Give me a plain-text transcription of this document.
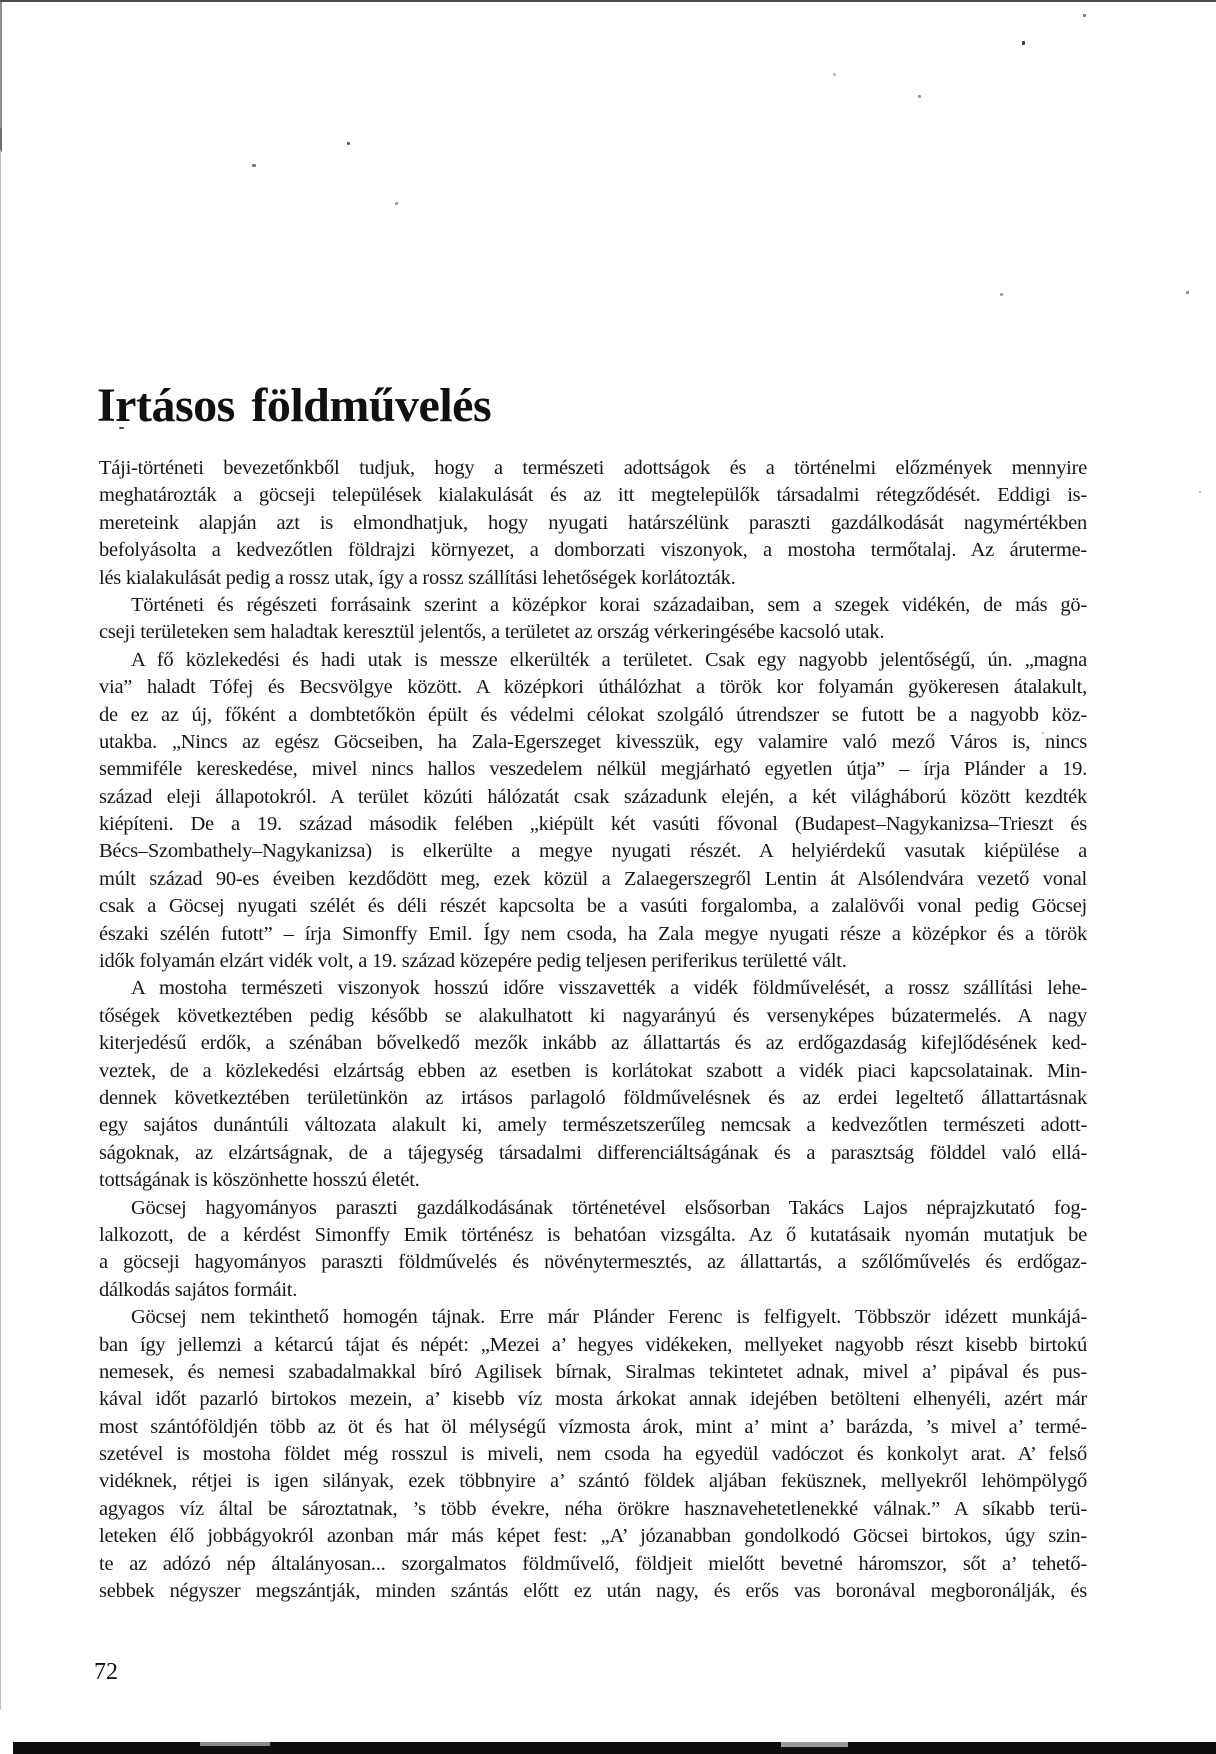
Irtásos földművelés
Táji-történeti bevezetőnkből tudjuk, hogy a természeti adottságok és a történelmi előzmények mennyire
meghatározták a göcseji települések kialakulását és az itt megtelepülők társadalmi rétegződését. Eddigi is-
mereteink alapján azt is elmondhatjuk, hogy nyugati határszélünk paraszti gazdálkodását nagymértékben
befolyásolta a kedvezőtlen földrajzi környezet, a domborzati viszonyok, a mostoha termőtalaj. Az áruterme-
lés kialakulását pedig a rossz utak, így a rossz szállítási lehetőségek korlátozták.
Történeti és régészeti forrásaink szerint a középkor korai századaiban, sem a szegek vidékén, de más gö-
cseji területeken sem haladtak keresztül jelentős, a területet az ország vérkeringésébe kacsoló utak.
A fő közlekedési és hadi utak is messze elkerülték a területet. Csak egy nagyobb jelentőségű, ún. „magna
via” haladt Tófej és Becsvölgye között. A középkori úthálózhat a török kor folyamán gyökeresen átalakult,
de ez az új, főként a dombtetőkön épült és védelmi célokat szolgáló útrendszer se futott be a nagyobb köz-
utakba. „Nincs az egész Göcseiben, ha Zala-Egerszeget kivesszük, egy valamire való mező Város is, nincs
semmiféle kereskedése, mivel nincs hallos veszedelem nélkül megjárható egyetlen útja” – írja Plánder a 19.
század eleji állapotokról. A terület közúti hálózatát csak századunk elején, a két világháború között kezdték
kiépíteni. De a 19. század második felében „kiépült két vasúti fővonal (Budapest–Nagykanizsa–Trieszt és
Bécs–Szombathely–Nagykanizsa) is elkerülte a megye nyugati részét. A helyiérdekű vasutak kiépülése a
múlt század 90-es éveiben kezdődött meg, ezek közül a Zalaegerszegről Lentin át Alsólendvára vezető vonal
csak a Göcsej nyugati szélét és déli részét kapcsolta be a vasúti forgalomba, a zalalövői vonal pedig Göcsej
északi szélén futott” – írja Simonffy Emil. Így nem csoda, ha Zala megye nyugati része a középkor és a török
idők folyamán elzárt vidék volt, a 19. század közepére pedig teljesen periferikus területté vált.
A mostoha természeti viszonyok hosszú időre visszavették a vidék földművelését, a rossz szállítási lehe-
tőségek következtében pedig később se alakulhatott ki nagyarányú és versenyképes búzatermelés. A nagy
kiterjedésű erdők, a szénában bővelkedő mezők inkább az állattartás és az erdőgazdaság kifejlődésének ked-
veztek, de a közlekedési elzártság ebben az esetben is korlátokat szabott a vidék piaci kapcsolatainak. Min-
dennek következtében területünkön az irtásos parlagoló földművelésnek és az erdei legeltető állattartásnak
egy sajátos dunántúli változata alakult ki, amely természetszerűleg nemcsak a kedvezőtlen természeti adott-
ságoknak, az elzártságnak, de a tájegység társadalmi differenciáltságának és a parasztság földdel való ellá-
tottságának is köszönhette hosszú életét.
Göcsej hagyományos paraszti gazdálkodásának történetével elsősorban Takács Lajos néprajzkutató fog-
lalkozott, de a kérdést Simonffy Emik történész is behatóan vizsgálta. Az ő kutatásaik nyomán mutatjuk be
a göcseji hagyományos paraszti földművelés és növénytermesztés, az állattartás, a szőlőművelés és erdőgaz-
dálkodás sajátos formáit.
Göcsej nem tekinthető homogén tájnak. Erre már Plánder Ferenc is felfigyelt. Többször idézett munkájá-
ban így jellemzi a kétarcú tájat és népét: „Mezei a’ hegyes vidékeken, mellyeket nagyobb részt kisebb birtokú
nemesek, és nemesi szabadalmakkal bíró Agilisek bírnak, Siralmas tekintetet adnak, mivel a’ pipával és pus-
kával időt pazarló birtokos mezein, a’ kisebb víz mosta árkokat annak idejében betölteni elhenyéli, azért már
most szántóföldjén több az öt és hat öl mélységű vízmosta árok, mint a’ mint a’ barázda, ’s mivel a’ termé-
szetével is mostoha földet még rosszul is miveli, nem csoda ha egyedül vadóczot és konkolyt arat. A’ felső
vidéknek, rétjei is igen silányak, ezek többnyire a’ szántó földek aljában feküsznek, mellyekről lehömpölygő
agyagos víz által be sároztatnak, ’s több évekre, néha örökre hasznavehetetlenekké válnak.” A síkabb terü-
leteken élő jobbágyokról azonban már más képet fest: „A’ józanabban gondolkodó Göcsei birtokos, úgy szin-
te az adózó nép általányosan... szorgalmatos földművelő, földjeit mielőtt bevetné háromszor, sőt a’ tehető-
sebbek négyszer megszántják, minden szántás előtt ez után nagy, és erős vas boronával megboronálják, és
72
